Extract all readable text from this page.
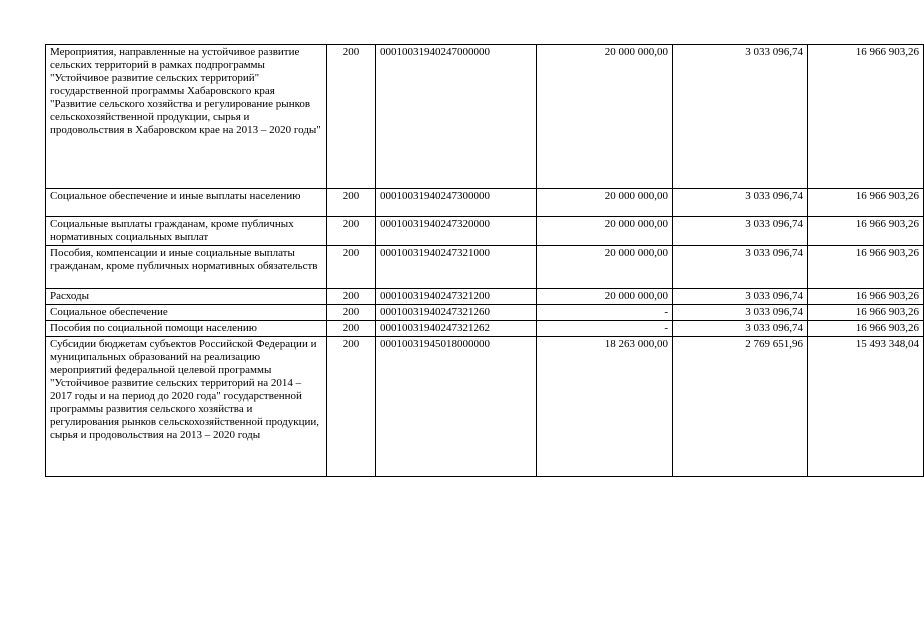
Мероприятия, направленные на устойчивое развитие сельских территорий в рамках подпрограммы "Устойчивое развитие сельских территорий" государственной программы Хабаровского края "Развитие сельского хозяйства и регулирование рынков сельскохозяйственной продукции, сырья и продовольствия в Хабаровском крае на 2013 – 2020 годы"	200	00010031940247000000	20 000 000,00	3 033 096,74	16 966 903,26
Социальное обеспечение и иные выплаты населению	200	00010031940247300000	20 000 000,00	3 033 096,74	16 966 903,26
Социальные выплаты гражданам, кроме публичных нормативных социальных выплат	200	00010031940247320000	20 000 000,00	3 033 096,74	16 966 903,26
Пособия, компенсации и иные социальные выплаты гражданам, кроме публичных нормативных обязательств	200	00010031940247321000	20 000 000,00	3 033 096,74	16 966 903,26
Расходы	200	00010031940247321200	20 000 000,00	3 033 096,74	16 966 903,26
Социальное обеспечение	200	00010031940247321260	-	3 033 096,74	16 966 903,26
Пособия по социальной помощи населению	200	00010031940247321262	-	3 033 096,74	16 966 903,26
Субсидии бюджетам субъектов Российской Федерации и муниципальных образований на реализацию мероприятий федеральной целевой программы "Устойчивое развитие сельских территорий на 2014 – 2017 годы и на период до 2020 года" государственной программы развития сельского хозяйства и регулирования рынков сельскохозяйственной продукции, сырья и продовольствия на 2013 – 2020 годы	200	00010031945018000000	18 263 000,00	2 769 651,96	15 493 348,04
